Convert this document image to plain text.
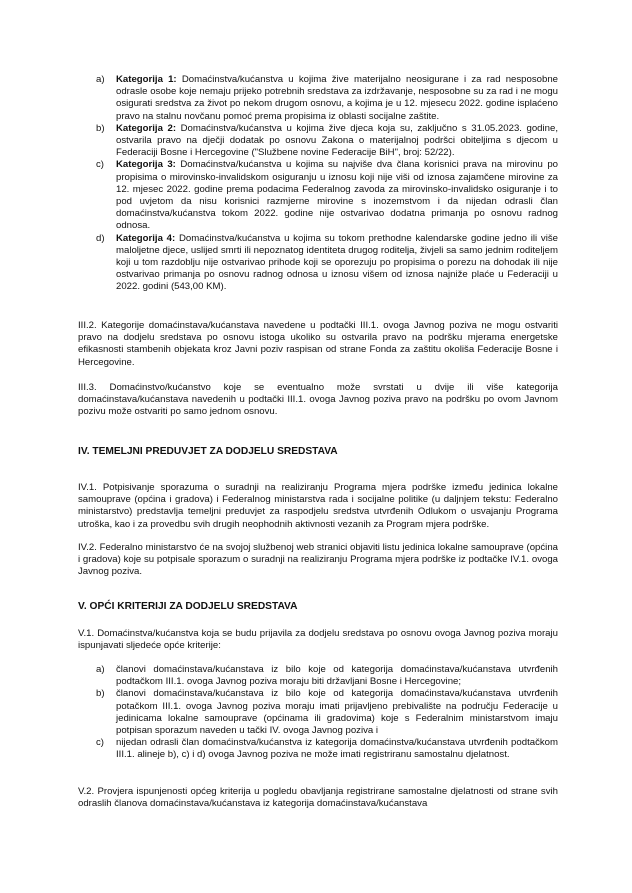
a) Kategorija 1: Domaćinstva/kućanstva u kojima žive materijalno neosigurane i za rad nesposobne odrasle osobe koje nemaju prijeko potrebnih sredstava za izdržavanje, nesposobne su za rad i ne mogu osigurati sredstva za život po nekom drugom osnovu, a kojima je u 12. mjesecu 2022. godine isplaćeno pravo na stalnu novčanu pomoć prema propisima iz oblasti socijalne zaštite.
b) Kategorija 2: Domaćinstva/kućanstva u kojima žive djeca koja su, zaključno s 31.05.2023. godine, ostvarila pravo na dječji dodatak po osnovu Zakona o materijalnoj podršci obiteljima s djecom u Federaciji Bosne i Hercegovine ("Službene novine Federacije BiH", broj: 52/22).
c) Kategorija 3: Domaćinstva/kućanstva u kojima su najviše dva člana korisnici prava na mirovinu po propisima o mirovinsko-invalidskom osiguranju u iznosu koji nije viši od iznosa zajamčene mirovine za 12. mjesec 2022. godine prema podacima Federalnog zavoda za mirovinsko-invalidsko osiguranje i to pod uvjetom da nisu korisnici razmjerne mirovine s inozemstvom i da nijedan odrasli član domaćinstva/kućanstva tokom 2022. godine nije ostvarivao dodatna primanja po osnovu radnog odnosa.
d) Kategorija 4: Domaćinstva/kućanstva u kojima su tokom prethodne kalendarske godine jedno ili više maloljetne djece, uslijed smrti ili nepoznatog identiteta drugog roditelja, živjeli sa samo jednim roditeljem koji u tom razdoblju nije ostvarivao prihode koji se oporezuju po propisima o porezu na dohodak ili nije ostvarivao primanja po osnovu radnog odnosa u iznosu višem od iznosa najniže plaće u Federaciji u 2022. godini (543,00 KM).
III.2. Kategorije domaćinstava/kućanstava navedene u podtački III.1. ovoga Javnog poziva ne mogu ostvariti pravo na dodjelu sredstava po osnovu istoga ukoliko su ostvarila pravo na podršku mjerama energetske efikasnosti stambenih objekata kroz Javni poziv raspisan od strane Fonda za zaštitu okoliša Federacije Bosne i Hercegovine.
III.3. Domaćinstvo/kućanstvo koje se eventualno može svrstati u dvije ili više kategorija domaćinstava/kućanstava navedenih u podtački III.1. ovoga Javnog poziva pravo na podršku po ovom Javnom pozivu može ostvariti po samo jednom osnovu.
IV. TEMELJNI PREDUVJET ZA DODJELU SREDSTAVA
IV.1. Potpisivanje sporazuma o suradnji na realiziranju Programa mjera podrške između jedinica lokalne samouprave (općina i gradova) i Federalnog ministarstva rada i socijalne politike (u daljnjem tekstu: Federalno ministarstvo) predstavlja temeljni preduvjet za raspodjelu sredstva utvrđenih Odlukom o usvajanju Programa utroška, kao i za provedbu svih drugih neophodnih aktivnosti vezanih za Program mjera podrške.
IV.2. Federalno ministarstvo će na svojoj službenoj web stranici objaviti listu jedinica lokalne samouprave (općina i gradova) koje su potpisale sporazum o suradnji na realiziranju Programa mjera podrške iz podtačke IV.1. ovoga Javnog poziva.
V. OPĆI KRITERIJI ZA DODJELU SREDSTAVA
V.1. Domaćinstva/kućanstva koja se budu prijavila za dodjelu sredstava po osnovu ovoga Javnog poziva moraju ispunjavati sljedeće opće kriterije:
a) članovi domaćinstava/kućanstava iz bilo koje od kategorija domaćinstava/kućanstava utvrđenih podtačkom III.1. ovoga Javnog poziva moraju biti državljani Bosne i Hercegovine;
b) članovi domaćinstava/kućanstava iz bilo koje od kategorija domaćinstava/kućanstava utvrđenih potačkom III.1. ovoga Javnog poziva moraju imati prijavljeno prebivalište na području Federacije u jedinicama lokalne samouprave (općinama ili gradovima) koje s Federalnim ministarstvom imaju potpisan sporazum naveden u tački IV. ovoga Javnog poziva i
c) nijedan odrasli član domaćinstva/kućanstva iz kategorija domaćinstva/kućanstava utvrđenih podtačkom III.1. alineje b), c) i d) ovoga Javnog poziva ne može imati registriranu samostalnu djelatnost.
V.2. Provjera ispunjenosti općeg kriterija u pogledu obavljanja registrirane samostalne djelatnosti od strane svih odraslih članova domaćinstava/kućanstava iz kategorija domaćinstava/kućanstava
